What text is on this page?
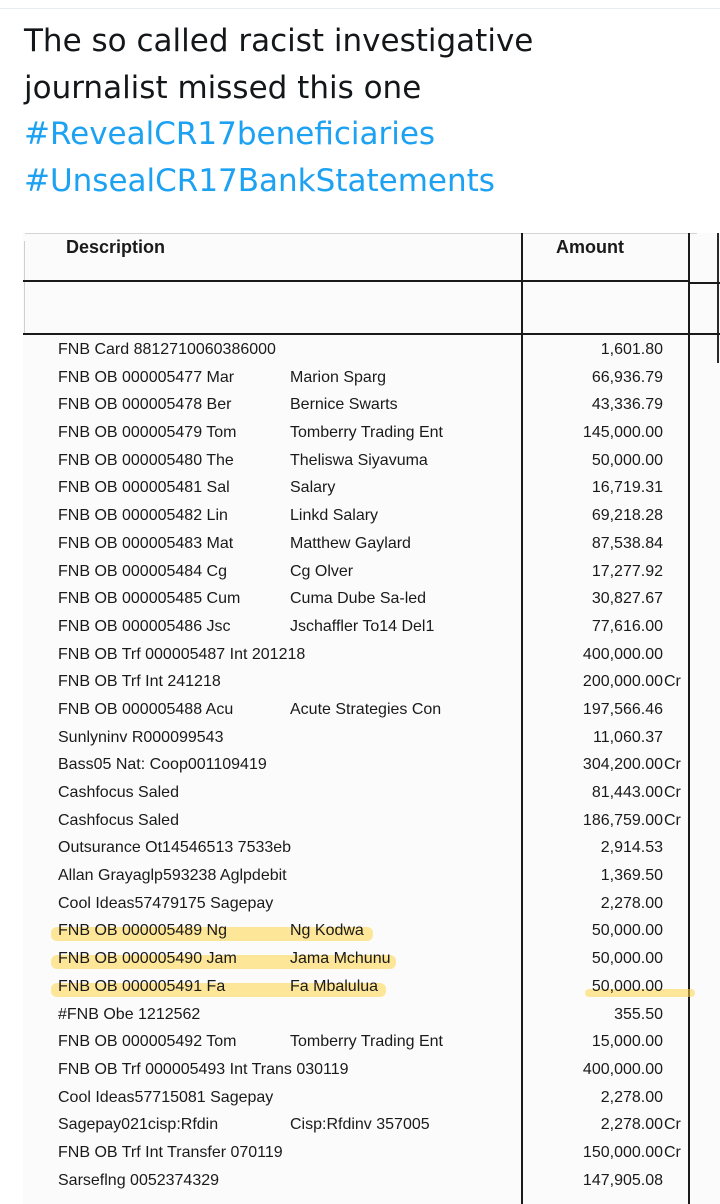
The so called racist investigative
journalist missed this one
#RevealCR17beneficiaries
#UnsealCR17BankStatements
Description	Amount
FNB Card 8812710060386000	1,601.80
FNB OB 000005477 Mar	Marion Sparg	66,936.79
FNB OB 000005478 Ber	Bernice Swarts	43,336.79
FNB OB 000005479 Tom	Tomberry Trading Ent	145,000.00
FNB OB 000005480 The	Theliswa Siyavuma	50,000.00
FNB OB 000005481 Sal	Salary	16,719.31
FNB OB 000005482 Lin	Linkd Salary	69,218.28
FNB OB 000005483 Mat	Matthew Gaylard	87,538.84
FNB OB 000005484 Cg	Cg Olver	17,277.92
FNB OB 000005485 Cum	Cuma Dube Sa-led	30,827.67
FNB OB 000005486 Jsc	Jschaffler To14 Del1	77,616.00
FNB OB Trf 000005487 Int 201218	400,000.00
FNB OB Trf Int 241218	200,000.00 Cr
FNB OB 000005488 Acu	Acute Strategies Con	197,566.46
Sunlyninv R000099543	11,060.37
Bass05 Nat: Coop001109419	304,200.00 Cr
Cashfocus Saled	81,443.00 Cr
Cashfocus Saled	186,759.00 Cr
Outsurance Ot14546513 7533eb	2,914.53
Allan Grayaglp593238 Aglpdebit	1,369.50
Cool Ideas57479175 Sagepay	2,278.00
FNB OB 000005489 Ng	Ng Kodwa	50,000.00
FNB OB 000005490 Jam	Jama Mchunu	50,000.00
FNB OB 000005491 Fa	Fa Mbalulua	50,000.00
#FNB Obe 1212562	355.50
FNB OB 000005492 Tom	Tomberry Trading Ent	15,000.00
FNB OB Trf 000005493 Int Trans 030119	400,000.00
Cool Ideas57715081 Sagepay	2,278.00
Sagepay021cisp:Rfdin	Cisp:Rfdinv 357005	2,278.00 Cr
FNB OB Trf Int Transfer 070119	150,000.00 Cr
Sarseflng 0052374329	147,905.08
